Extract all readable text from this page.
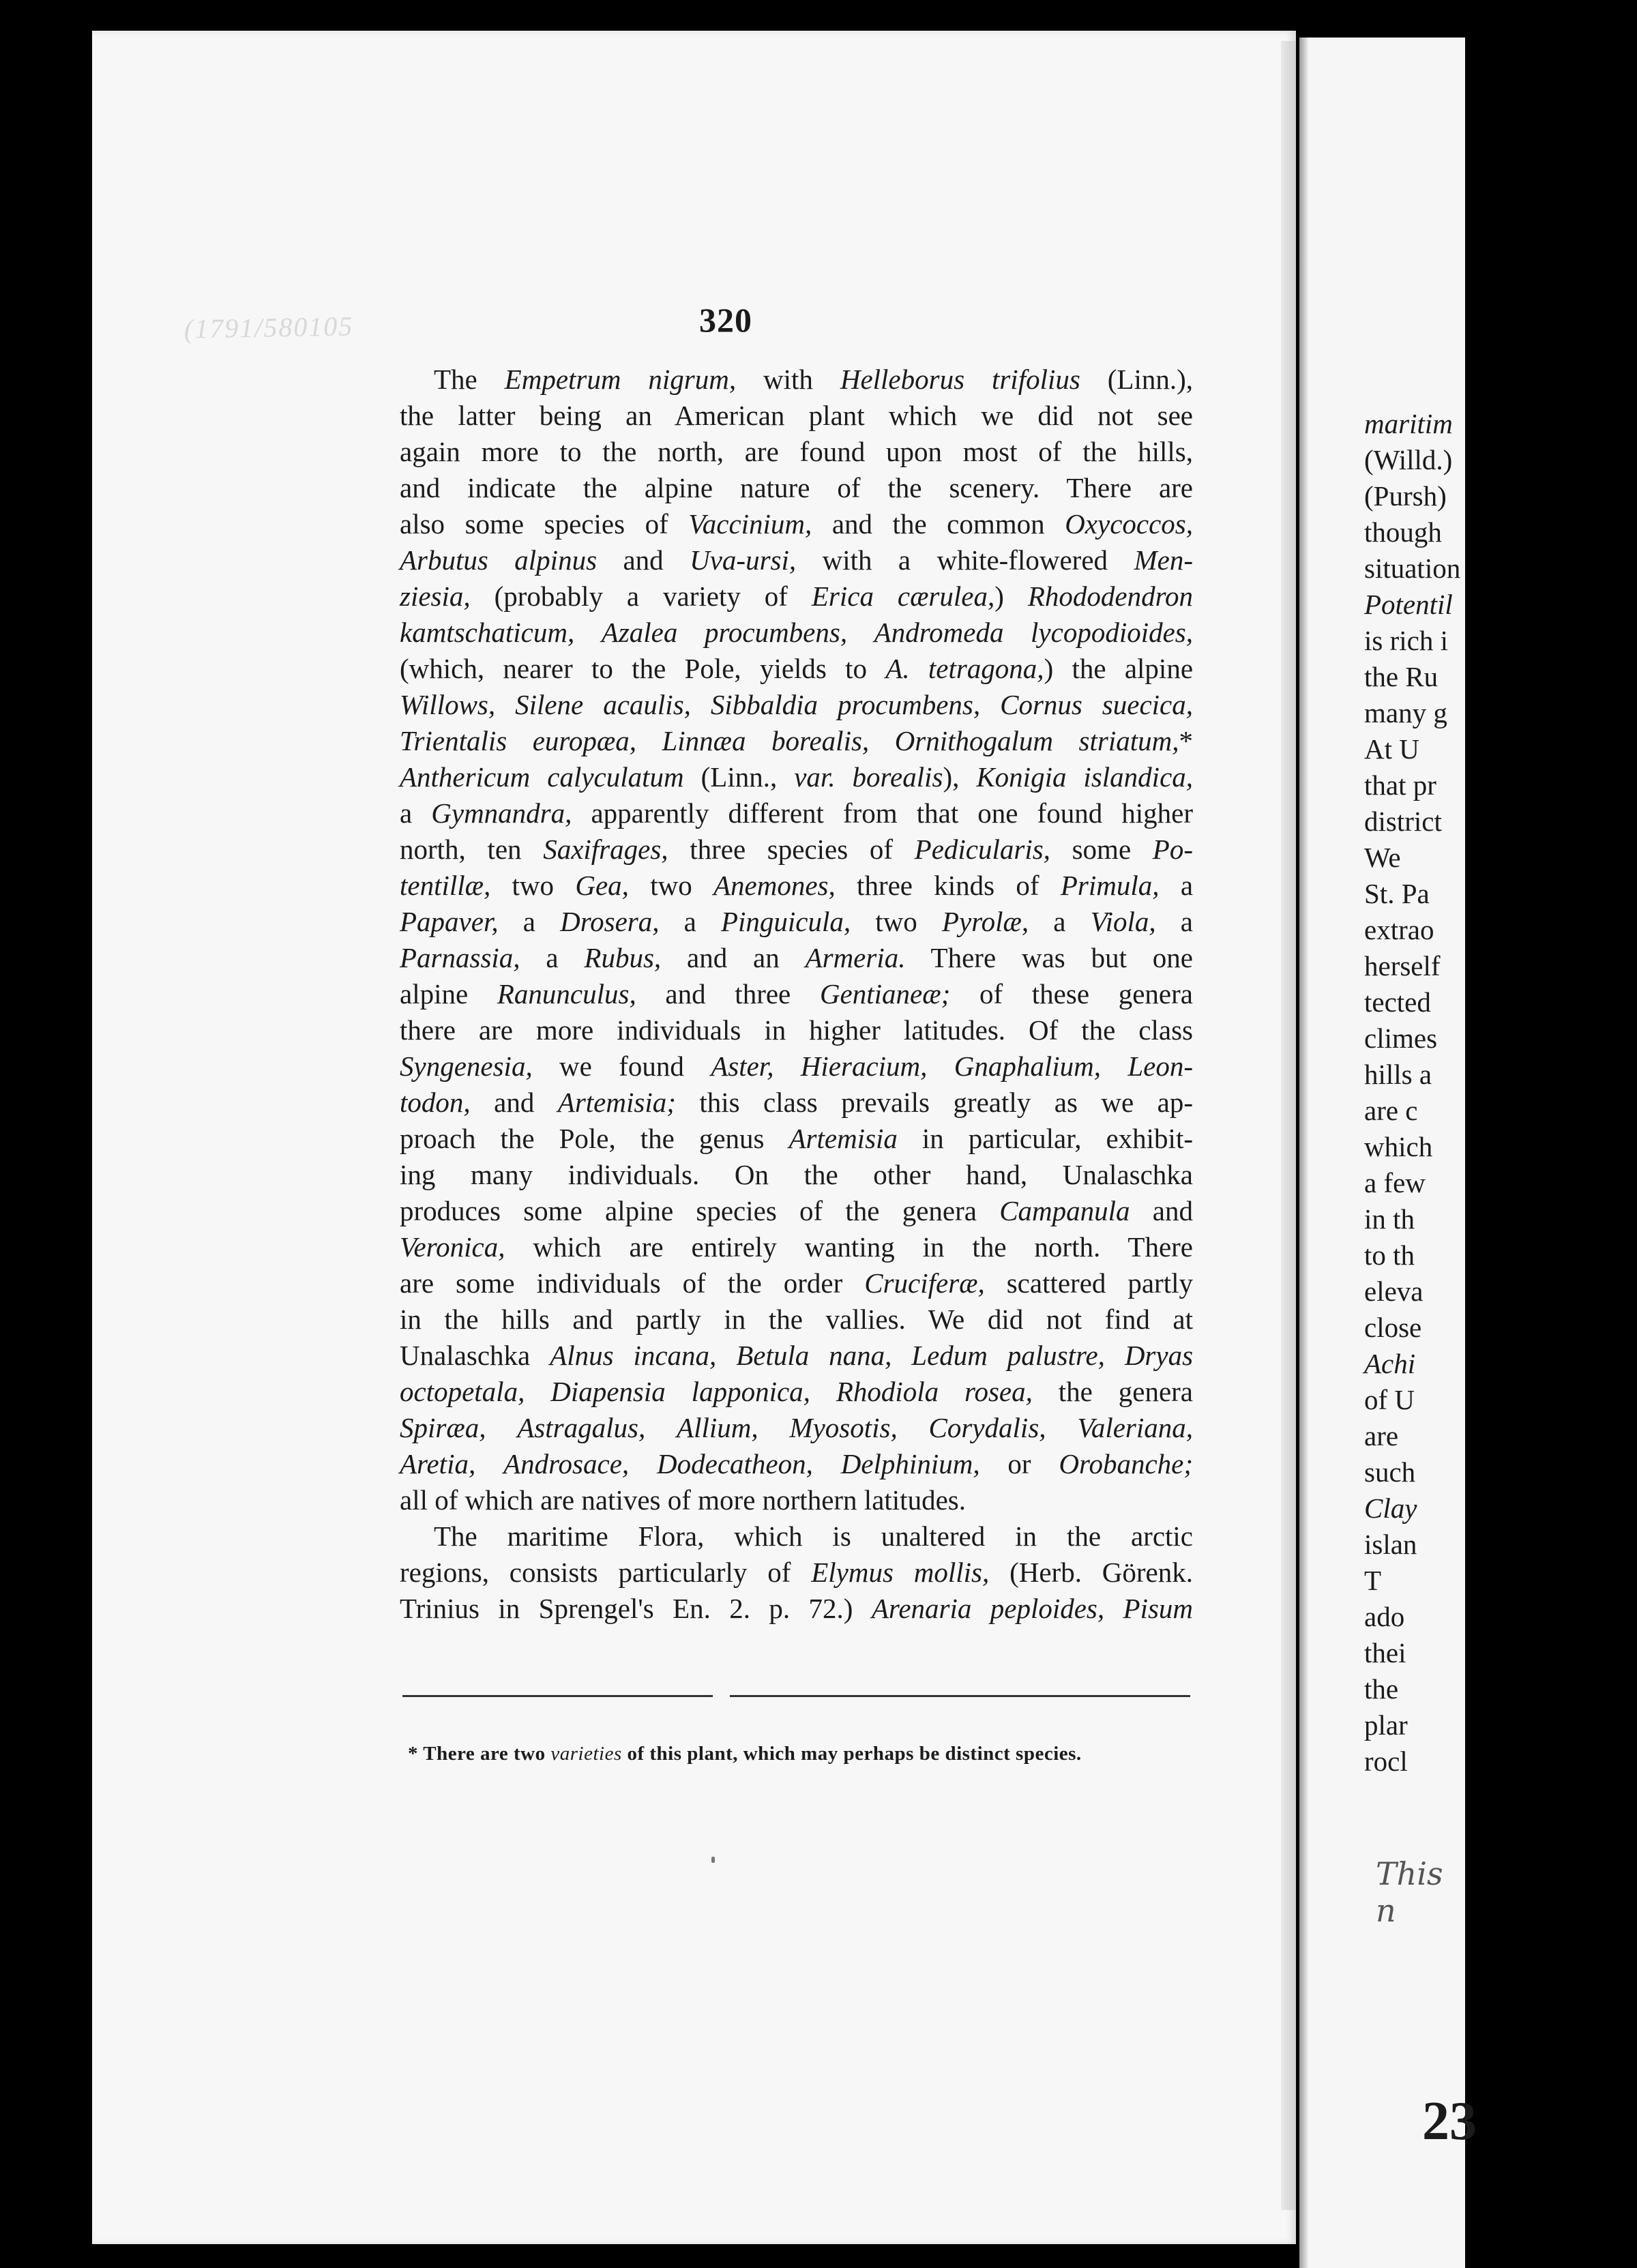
(1791/580105	320
The Empetrum nigrum, with Helleborus trifolius (Linn.),
the latter being an American plant which we did not see
again more to the north, are found upon most of the hills,
and indicate the alpine nature of the scenery. There are
also some species of Vaccinium, and the common Oxycoccos,
Arbutus alpinus and Uva-ursi, with a white-flowered Men-
ziesia, (probably a variety of Erica cærulea,) Rhododendron
kamtschaticum, Azalea procumbens, Andromeda lycopodioides,
(which, nearer to the Pole, yields to A. tetragona,) the alpine
Willows, Silene acaulis, Sibbaldia procumbens, Cornus suecica,
Trientalis europæa, Linnæa borealis, Ornithogalum striatum,*
Anthericum calyculatum (Linn., var. borealis), Konigia islandica,
a Gymnandra, apparently different from that one found higher
north, ten Saxifrages, three species of Pedicularis, some Po-
tentillæ, two Gea, two Anemones, three kinds of Primula, a
Papaver, a Drosera, a Pinguicula, two Pyrolæ, a Viola, a
Parnassia, a Rubus, and an Armeria. There was but one
alpine Ranunculus, and three Gentianeæ; of these genera
there are more individuals in higher latitudes. Of the class
Syngenesia, we found Aster, Hieracium, Gnaphalium, Leon-
todon, and Artemisia; this class prevails greatly as we ap-
proach the Pole, the genus Artemisia in particular, exhibit-
ing many individuals. On the other hand, Unalaschka
produces some alpine species of the genera Campanula and
Veronica, which are entirely wanting in the north. There
are some individuals of the order Cruciferæ, scattered partly
in the hills and partly in the vallies. We did not find at
Unalaschka Alnus incana, Betula nana, Ledum palustre, Dryas
octopetala, Diapensia lapponica, Rhodiola rosea, the genera
Spiræa, Astragalus, Allium, Myosotis, Corydalis, Valeriana,
Aretia, Androsace, Dodecatheon, Delphinium, or Orobanche;
all of which are natives of more northern latitudes.
The maritime Flora, which is unaltered in the arctic
regions, consists particularly of Elymus mollis, (Herb. Görenk.
Trinius in Sprengel's En. 2. p. 72.) Arenaria peploides, Pisum
* There are two varieties of this plant, which may perhaps be distinct species.
maritim
(Willd.)
(Pursh)
though
situation
Potentil
is rich i
the Ru
many g
At U
that pr
district
We
St. Pa
extrao
herself
tected
climes
hills a
are c
which
a few
in th
to th
eleva
close
Achi
of U
are
such
Clay
islan
T
ado
thei
the
plar
rocl
This n
23
